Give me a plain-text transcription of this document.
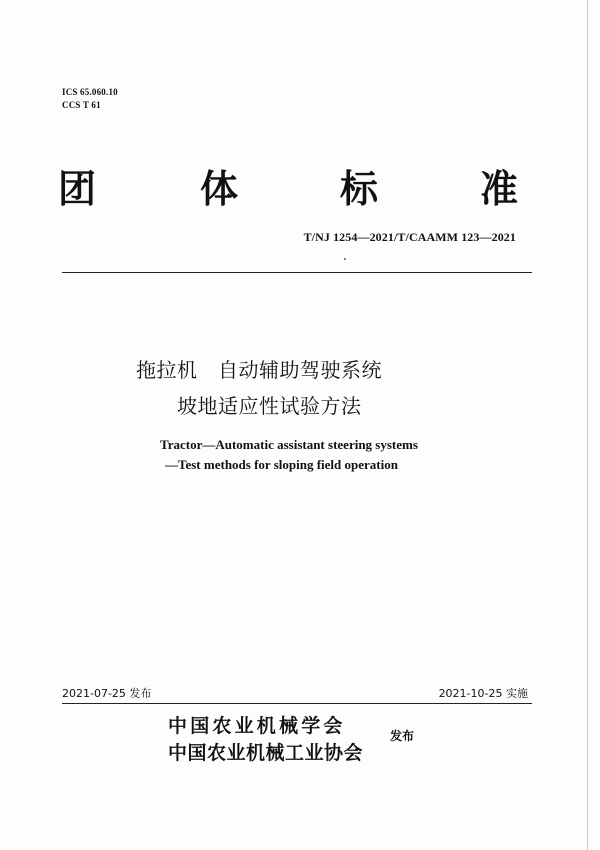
ICS 65.060.10
CCS T 61
团	体	标	准
T/NJ 1254—2021/T/CAAMM 123—2021
拖拉机　自动辅助驾驶系统
坡地适应性试验方法
Tractor—Automatic assistant steering systems
—Test methods for sloping field operation
2021-07-25 发布	2021-10-25 实施
中国农业机械学会
中国农业机械工业协会
发布
